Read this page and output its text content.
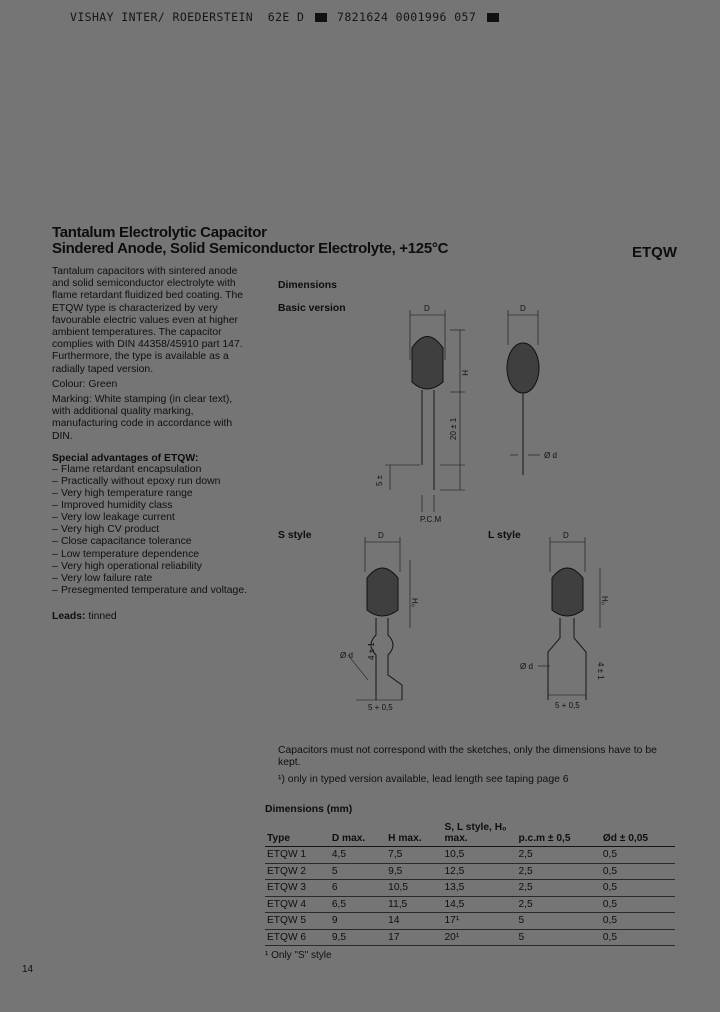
VISHAY INTER/ ROEDERSTEIN 62E D	7821624 0001996 057
Tantalum Electrolytic Capacitor
Sindered Anode, Solid Semiconductor Electrolyte, +125°C	ETQW
Tantalum capacitors with sintered anode and solid semiconductor electrolyte with flame retardant fluidized bed coating. The ETQW type is characterized by very favourable electric values even at higher ambient temperatures. The capacitor complies with DIN 44358/45910 part 147. Furthermore, the type is available as a radially taped version.
Colour: Green
Marking: White stamping (in clear text), with additional quality marking, manufacturing code in accordance with DIN.
Special advantages of ETQW:
– Flame retardant encapsulation
– Practically without epoxy run down
– Very high temperature range
– Improved humidity class
– Very low leakage current
– Very high CV product
– Close capacitance tolerance
– Low temperature dependence
– Very high operational reliability
– Very low failure rate
– Presegmented temperature and voltage.
Leads: tinned
Dimensions
Basic version
S style	L style
D
H
20 ± 1
5 ±
P.C.M
D
Ø d
D
H₀
4 ± 1
Ø d
5 + 0,5
D
H₀
4 ± 1
Ø d
5 + 0,5
Capacitors must not correspond with the sketches, only the dimensions have to be kept.
¹) only in typed version available, lead length see taping page 6
Dimensions (mm)
Type	D max.	H max.	S, L style, H₀ max.	p.c.m ± 0,5	Ød ± 0,05
ETQW 1	4,5	7,5	10,5	2,5	0,5
ETQW 2	5	9,5	12,5	2,5	0,5
ETQW 3	6	10,5	13,5	2,5	0,5
ETQW 4	6,5	11,5	14,5	2,5	0,5
ETQW 5	9	14	17¹	5	0,5
ETQW 6	9,5	17	20¹	5	0,5
¹ Only "S" style
14
